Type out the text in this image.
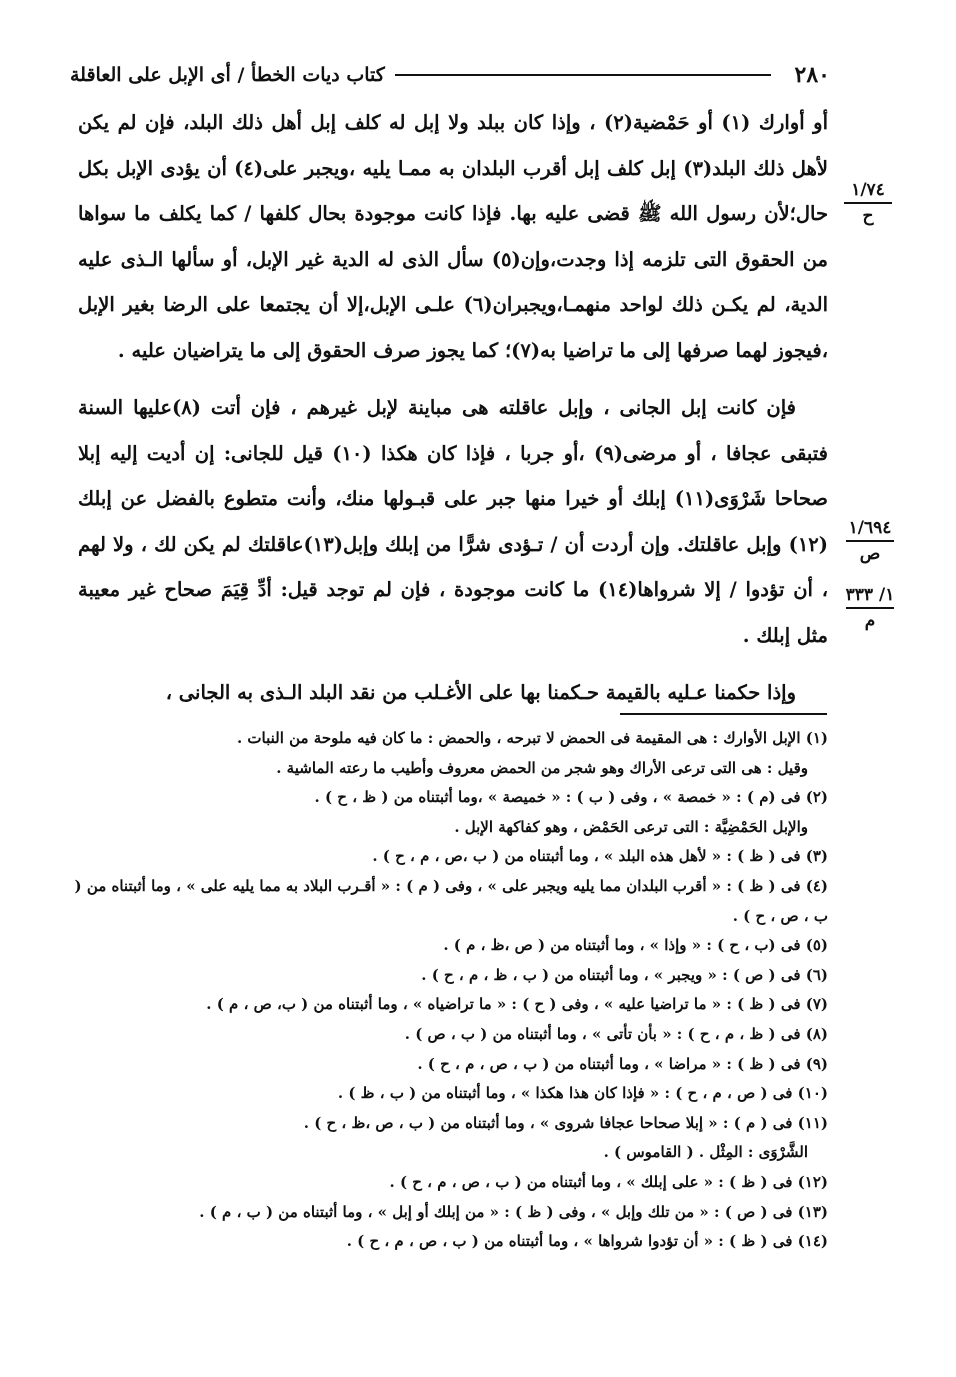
٢٨٠
كتاب ديات الخطأ / أى الإبل على العاقلة

أو أوارك (١) أو حَمْضية(٢) ، وإذا كان ببلد ولا إبل له كلف إبل أهل ذلك البلد، فإن لم يكن لأهل ذلك البلد(٣) إبل كلف إبل أقرب البلدان به ممـا يليه ،ويجبر على(٤) أن يؤدى الإبل بكل حال؛لأن رسول الله ﷺ قضى عليه بها. فإذا كانت موجودة بحال كلفها / كما يكلف ما سواها من الحقوق التى تلزمه إذا وجدت،وإن(٥) سأل الذى له الدية غير الإبل، أو سألها الـذى عليه الدية، لم يكـن ذلك لواحد منهمـا،ويجبران(٦) علـى الإبل،إلا أن يجتمعا على الرضا بغير الإبل ،فيجوز لهما صرفها إلى ما تراضيا به(٧)؛ كما يجوز صرف الحقوق إلى ما يتراضيان عليه .

فإن كانت إبل الجانى ، وإبل عاقلته هى مباينة لإبل غيرهم ، فإن أتت (٨)عليها السنة فتبقى عجافا ، أو مرضى(٩) ،أو جربا ، فإذا كان هكذا (١٠) قيل للجانى: إن أديت إليه إبلا صحاحا شَرْوَى(١١) إبلك أو خيرا منها جبر على قبـولها منك، وأنت متطوع بالفضل عن إبلك (١٢) وإبل عاقلتك. وإن أردت أن / تـؤدى شرًّا من إبلك وإبل(١٣)عاقلتك لم يكن لك ، ولا لهم ، أن تؤدوا / إلا شرواها(١٤) ما كانت موجودة ، فإن لم توجد قيل: أدِّ قِيَمَ صحاح غير معيبة مثل إبلك .

وإذا حكمنا عـليه بالقيمة حـكمنا بها على الأغـلب من نقد البلد الـذى به الجانى ،

١/٧٤
ح
١/٦٩٤
ص
١/ ٣٣٣
م

(١) الإبل الأوارك : هى المقيمة فى الحمض لا تبرحه ، والحمض : ما كان فيه ملوحة من النبات .

وقيل : هى التى ترعى الأراك وهو شجر من الحمض معروف وأطيب ما رعته الماشية .

(٢) فى (م ) : « خمصة » ، وفى ( ب ) : « خميصة » ،وما أثبتناه من ( ظ ، ح ) .

والإبل الحَمْضِيَّة : التى ترعى الحَمْض ، وهو كفاكهة الإبل .

(٣) فى ( ظ ) : « لأهل هذه البلد » ، وما أثبتناه من ( ب ،ص ، م ، ح ) .

(٤) فى ( ظ ) : « أقرب البلدان مما يليه ويجبر على » ، وفى ( م ) : « أقـرب البلاد به مما يليه على » ، وما أثبتناه من ( ب ، ص ، ح ) .

(٥) فى (ب ، ح ) : « وإذا » ، وما أثبتناه من ( ص ،ظ ، م ) .

(٦) فى ( ص ) : « ويجبر » ، وما أثبتناه من ( ب ، ظ ، م ، ح ) .

(٧) فى ( ظ ) : « ما تراضيا عليه » ، وفى ( ح ) : « ما تراضياه » ، وما أثبتناه من ( ب، ص ، م ) .

(٨) فى ( ظ ، م ، ح ) : « بأن تأتى » ، وما أثبتناه من ( ب ، ص ) .

(٩) فى ( ظ ) : « مراضا » ، وما أثبتناه من ( ب ، ص ، م ، ح ) .

(١٠) فى ( ص ، م ، ح ) : « فإذا كان هذا هكذا » ، وما أثبتناه من ( ب ، ظ ) .

(١١) فى ( م ) : « إبلا صحاحا عجافا شروى » ، وما أثبتناه من ( ب ، ص ،ظ ، ح ) .

الشَّرْوَى : المِثْل . ( القاموس ) .

(١٢) فى ( ظ ) : « على إبلك » ، وما أثبتناه من ( ب ، ص ، م ، ح ) .

(١٣) فى ( ص ) : « من تلك وإبل » ، وفى ( ظ ) : « من إبلك أو إبل » ، وما أثبتناه من ( ب ، م ) .

(١٤) فى ( ظ ) : « أن تؤدوا شرواها » ، وما أثبتناه من ( ب ، ص ، م ، ح ) .
